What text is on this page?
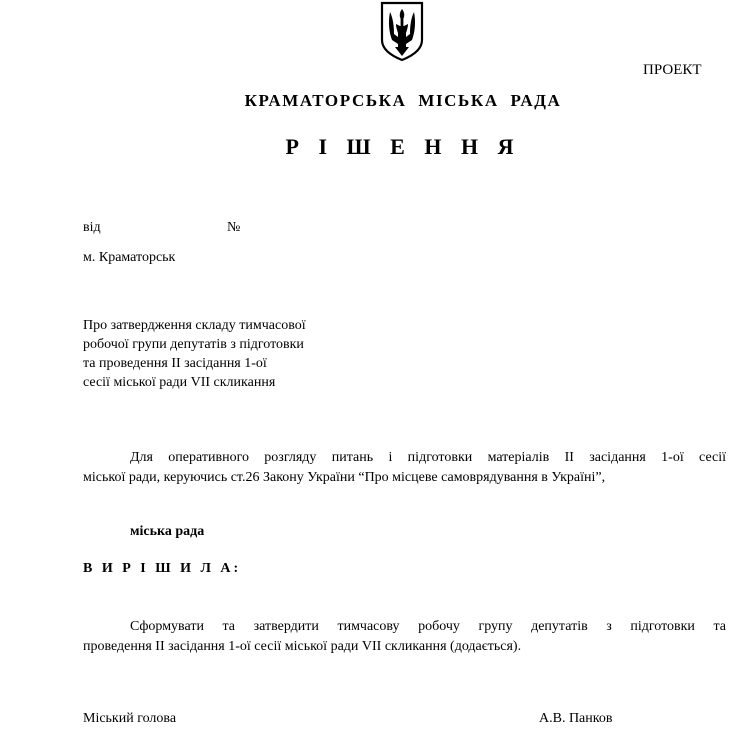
ПРОЕКТ
КРАМАТОРСЬКА МІСЬКА РАДА
Р І Ш Е Н Н Я
від	№
м. Краматорськ
Про затвердження складу тимчасової
робочої групи депутатів з підготовки
та проведення ІІ засідання 1-ої
сесії міської ради VII скликання
Для оперативного розгляду питань і підготовки матеріалів ІІ засідання 1-ої сесії
міської ради, керуючись ст.26 Закону України “Про місцеве самоврядування в Україні”,
міська рада
В И Р І Ш И Л А:
Сформувати та затвердити тимчасову робочу групу депутатів з підготовки та
проведення ІІ засідання 1-ої сесії міської ради VII скликання (додається).
Міський голова	А.В. Панков
